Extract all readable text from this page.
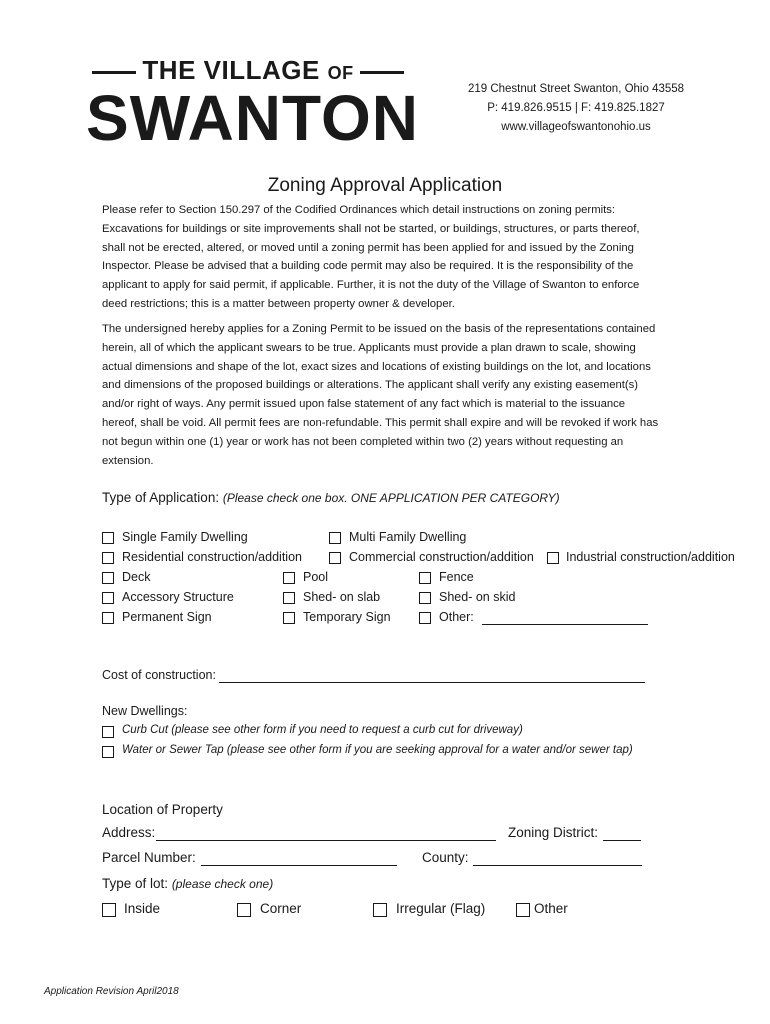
THE VILLAGE OF
SWANTON	219 Chestnut Street Swanton, Ohio 43558
P: 419.826.9515 | F: 419.825.1827
www.villageofswantonohio.us
Zoning Approval Application
Please refer to Section 150.297 of the Codified Ordinances which detail instructions on zoning permits: Excavations for buildings or site improvements shall not be started, or buildings, structures, or parts thereof, shall not be erected, altered, or moved until a zoning permit has been applied for and issued by the Zoning Inspector. Please be advised that a building code permit may also be required. It is the responsibility of the applicant to apply for said permit, if applicable. Further, it is not the duty of the Village of Swanton to enforce deed restrictions; this is a matter between property owner & developer.
The undersigned hereby applies for a Zoning Permit to be issued on the basis of the representations contained herein, all of which the applicant swears to be true. Applicants must provide a plan drawn to scale, showing actual dimensions and shape of the lot, exact sizes and locations of existing buildings on the lot, and locations and dimensions of the proposed buildings or alterations. The applicant shall verify any existing easement(s) and/or right of ways. Any permit issued upon false statement of any fact which is material to the issuance hereof, shall be void. All permit fees are non-refundable. This permit shall expire and will be revoked if work has not begun within one (1) year or work has not been completed within two (2) years without requesting an extension.
Type of Application: (Please check one box. ONE APPLICATION PER CATEGORY)
Single Family Dwelling	Multi Family Dwelling
Residential construction/addition	Commercial construction/addition	Industrial construction/addition
Deck	Pool	Fence
Accessory Structure	Shed- on slab	Shed- on skid
Permanent Sign	Temporary Sign	Other:
Cost of construction:
New Dwellings:
Curb Cut (please see other form if you need to request a curb cut for driveway)
Water or Sewer Tap (please see other form if you are seeking approval for a water and/or sewer tap)
Location of Property
Address:	Zoning District:
Parcel Number:	County:
Type of lot: (please check one)
Inside	Corner	Irregular (Flag)	Other
Application Revision April2018
